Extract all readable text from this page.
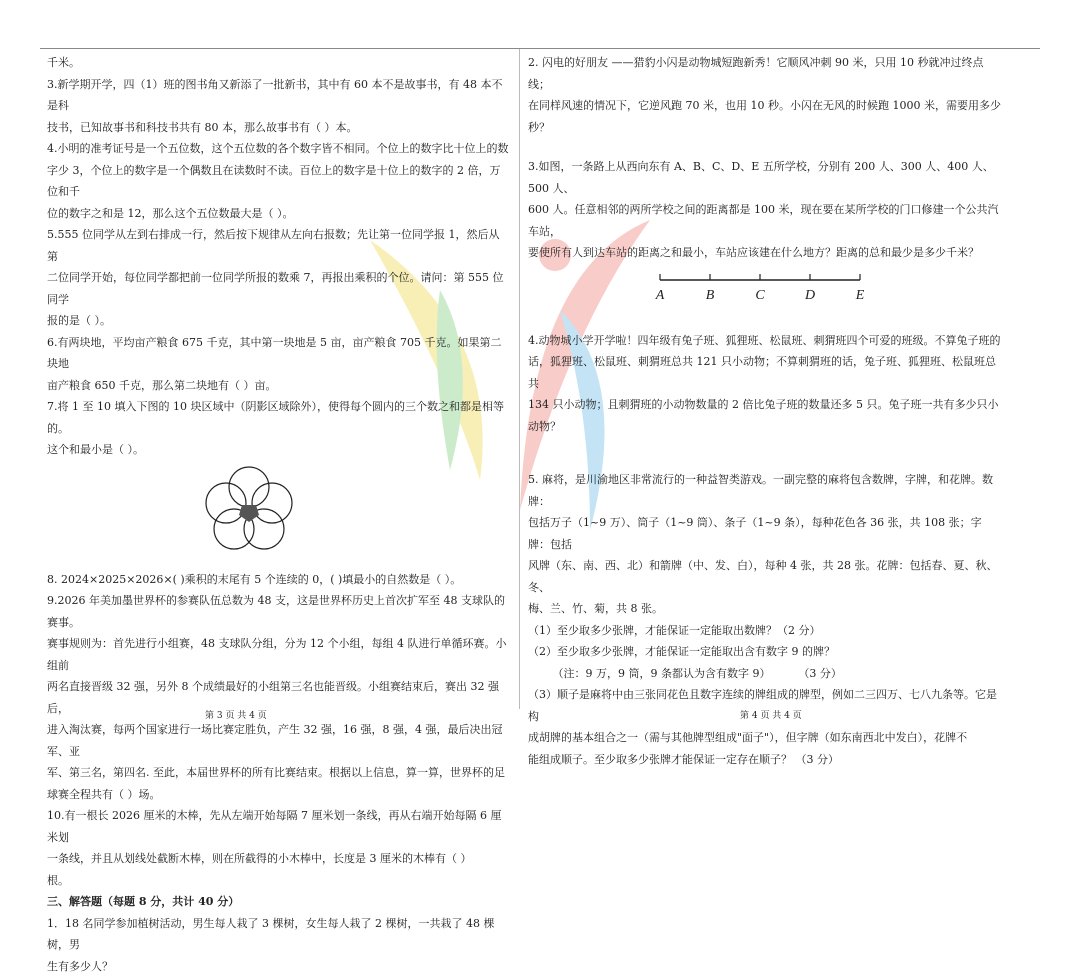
千米。

3.新学期开学，四（1）班的图书角又新添了一批新书，其中有 60 本不是故事书，有 48 本不是科

技书，已知故事书和科技书共有 80 本，那么故事书有（ ）本。

4.小明的准考证号是一个五位数，这个五位数的各个数字皆不相同。个位上的数字比十位上的数

字少 3，个位上的数字是一个偶数且在读数时不读。百位上的数字是十位上的数字的 2 倍，万位和千

位的数字之和是 12，那么这个五位数最大是（ ）。

5.555 位同学从左到右排成一行，然后按下规律从左向右报数；先让第一位同学报 1，然后从第

二位同学开始，每位同学都把前一位同学所报的数乘 7，再报出乘积的个位。请问：第 555 位同学

报的是（ ）。

6.有两块地，平均亩产粮食 675 千克，其中第一块地是 5 亩，亩产粮食 705 千克。如果第二块地

亩产粮食 650 千克，那么第二块地有（ ）亩。

7.将 1 至 10 填入下图的 10 块区域中（阴影区域除外），使得每个圆内的三个数之和都是相等的。

这个和最小是（ ）。

8. 2024×2025×2026×( )乘积的末尾有 5 个连续的 0，( )填最小的自然数是（ ）。

9.2026 年美加墨世界杯的参赛队伍总数为 48 支，这是世界杯历史上首次扩军至 48 支球队的赛事。

赛事规则为：首先进行小组赛，48 支球队分组，分为 12 个小组，每组 4 队进行单循环赛。小组前

两名直接晋级 32 强，另外 8 个成绩最好的小组第三名也能晋级。小组赛结束后，赛出 32 强后，

进入淘汰赛，每两个国家进行一场比赛定胜负，产生 32 强，16 强，8 强，4 强，最后决出冠军、亚

军、第三名，第四名. 至此，本届世界杯的所有比赛结束。根据以上信息，算一算，世界杯的足

球赛全程共有（ ）场。

10.有一根长 2026 厘米的木棒，先从左端开始每隔 7 厘米划一条线，再从右端开始每隔 6 厘米划

一条线，并且从划线处截断木棒，则在所截得的小木棒中，长度是 3 厘米的木棒有（ ）

根。

三、解答题（每题 8 分，共计 40 分）

1．18 名同学参加植树活动，男生每人栽了 3 棵树，女生每人栽了 2 棵树，一共栽了 48 棵树，男

生有多少人？

2. 闪电的好朋友 ——猎豹小闪是动物城短跑新秀！它顺风冲刺 90 米，只用 10 秒就冲过终点线；

在同样风速的情况下，它逆风跑 70 米，也用 10 秒。小闪在无风的时候跑 1000 米，需要用多少秒？

3.如图，一条路上从西向东有 A、B、C、D、E 五所学校，分别有 200 人、300 人、400 人、500 人、

600 人。任意相邻的两所学校之间的距离都是 100 米，现在要在某所学校的门口修建一个公共汽车站，

要使所有人到达车站的距离之和最小，车站应该建在什么地方？距离的总和最少是多少千米？

A	B	C	D	E

4.动物城小学开学啦！四年级有兔子班、狐狸班、松鼠班、刺猬班四个可爱的班级。不算兔子班的

话，狐狸班、松鼠班、刺猬班总共 121 只小动物；不算刺猬班的话，兔子班、狐狸班、松鼠班总共

134 只小动物；且刺猬班的小动物数量的 2 倍比兔子班的数量还多 5 只。兔子班一共有多少只小动物？

5. 麻将，是川渝地区非常流行的一种益智类游戏。一副完整的麻将包含数牌，字牌，和花牌。数牌：

包括万子（1~9 万）、筒子（1~9 筒）、条子（1~9 条），每种花色各 36 张，共 108 张；字牌：包括

风牌（东、南、西、北）和箭牌（中、发、白），每种 4 张，共 28 张。花牌：包括春、夏、秋、冬、

梅、兰、竹、菊，共 8 张。

（1）至少取多少张牌，才能保证一定能取出数牌？（2 分）

（2）至少取多少张牌，才能保证一定能取出含有数字 9 的牌？

（注：9 万，9 筒，9 条都认为含有数字 9）        （3 分）

（3）顺子是麻将中由三张同花色且数字连续的牌组成的牌型，例如二三四万、七八九条等。它是构

成胡牌的基本组合之一（需与其他牌型组成"面子"），但字牌（如东南西北中发白），花牌不

能组成顺子。至少取多少张牌才能保证一定存在顺子？ （3 分）

第 3 页 共 4 页	第 4 页 共 4 页
